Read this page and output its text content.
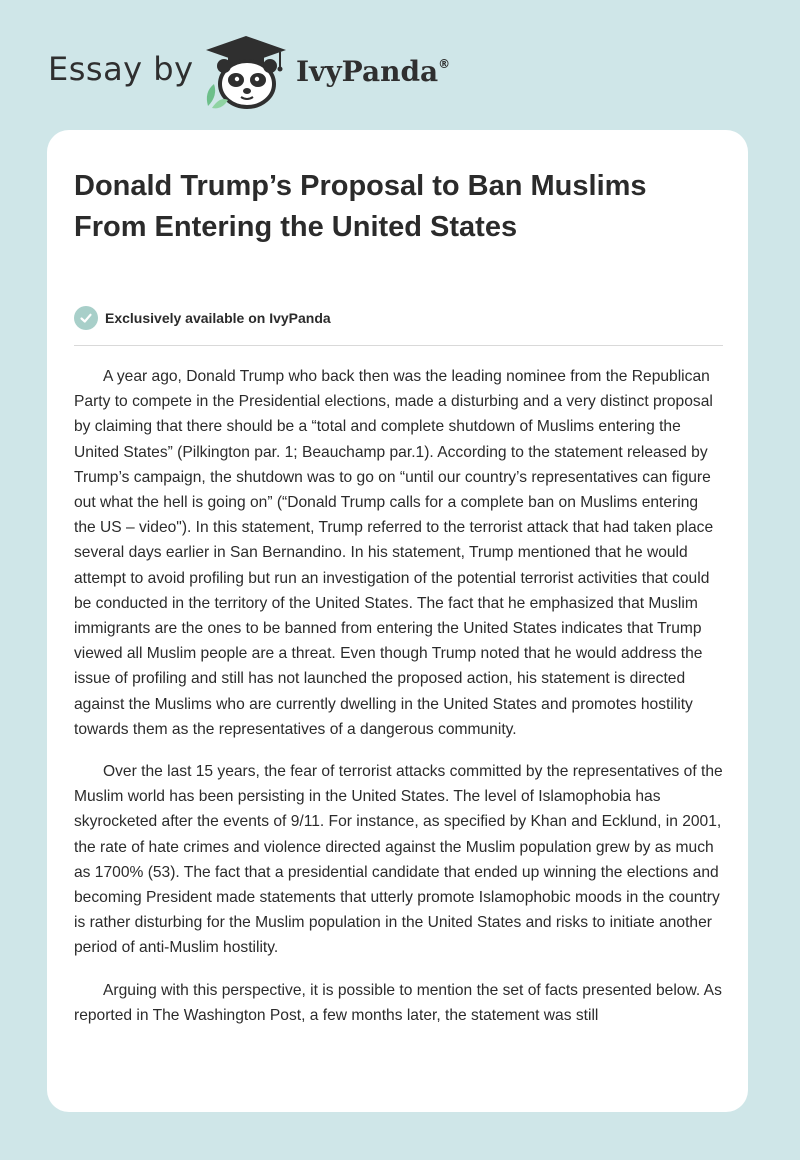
Essay by	IvyPanda®
Donald Trump’s Proposal to Ban Muslims From Entering the United States
Exclusively available on IvyPanda

A year ago, Donald Trump who back then was the leading nominee from the Republican Party to compete in the Presidential elections, made a disturbing and a very distinct proposal by claiming that there should be a “total and complete shutdown of Muslims entering the United States” (Pilkington par. 1; Beauchamp par.1). According to the statement released by Trump’s campaign, the shutdown was to go on “until our country’s representatives can figure out what the hell is going on” (“Donald Trump calls for a complete ban on Muslims entering the US – video"). In this statement, Trump referred to the terrorist attack that had taken place several days earlier in San Bernandino. In his statement, Trump mentioned that he would attempt to avoid profiling but run an investigation of the potential terrorist activities that could be conducted in the territory of the United States. The fact that he emphasized that Muslim immigrants are the ones to be banned from entering the United States indicates that Trump viewed all Muslim people are a threat. Even though Trump noted that he would address the issue of profiling and still has not launched the proposed action, his statement is directed against the Muslims who are currently dwelling in the United States and promotes hostility towards them as the representatives of a dangerous community.

Over the last 15 years, the fear of terrorist attacks committed by the representatives of the Muslim world has been persisting in the United States. The level of Islamophobia has skyrocketed after the events of 9/11. For instance, as specified by Khan and Ecklund, in 2001, the rate of hate crimes and violence directed against the Muslim population grew by as much as 1700% (53). The fact that a presidential candidate that ended up winning the elections and becoming President made statements that utterly promote Islamophobic moods in the country is rather disturbing for the Muslim population in the United States and risks to initiate another period of anti-Muslim hostility.

Arguing with this perspective, it is possible to mention the set of facts presented below. As reported in The Washington Post, a few months later, the statement was still
